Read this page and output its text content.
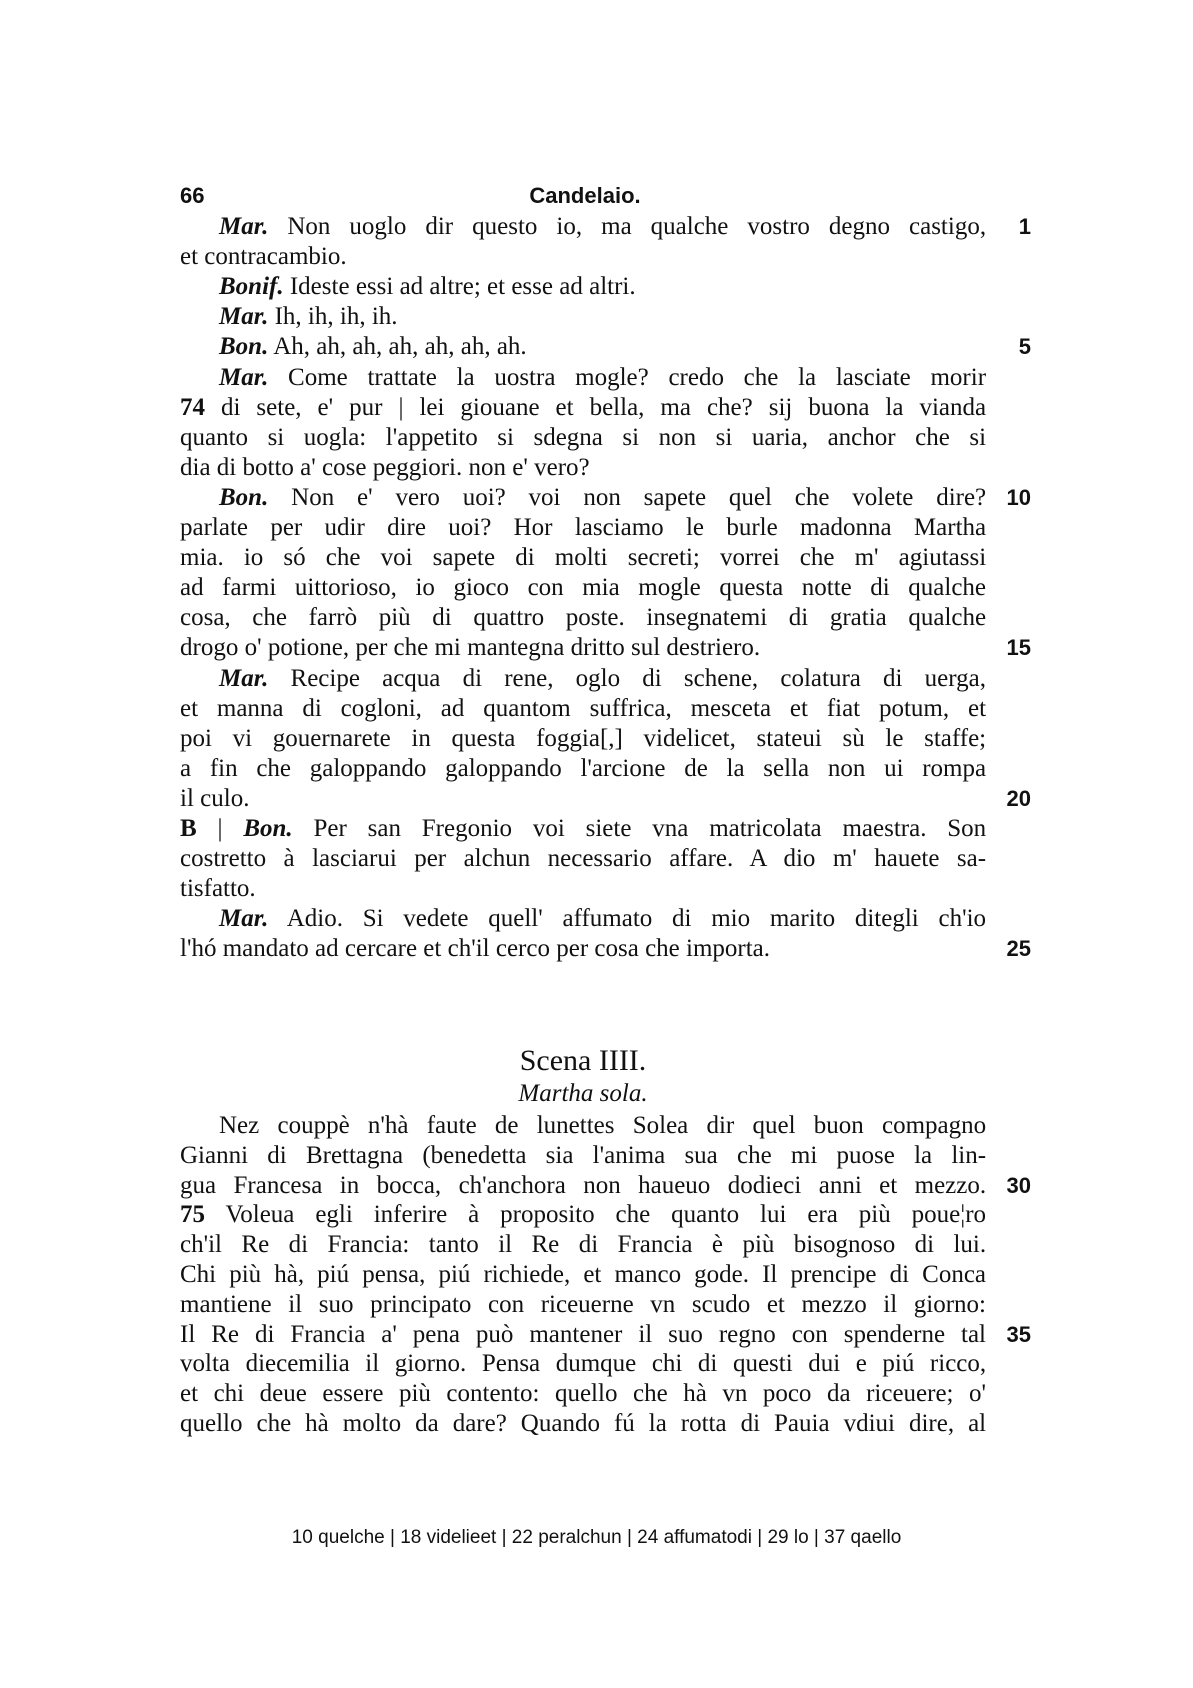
66	Candelaio.
Mar. Non uoglo dir questo io, ma qualche vostro degno castigo,
et contracambio.
Bonif. Ideste essi ad altre; et esse ad altri.
Mar. Ih, ih, ih, ih.
Bon. Ah, ah, ah, ah, ah, ah, ah.
Mar. Come trattate la uostra mogle? credo che la lasciate morir
74 di sete, e' pur | lei giouane et bella, ma che? sij buona la vianda
quanto si uogla: l'appetito si sdegna si non si uaria, anchor che si
dia di botto a' cose peggiori. non e' vero?
Bon. Non e' vero uoi? voi non sapete quel che volete dire?
parlate per udir dire uoi? Hor lasciamo le burle madonna Martha
mia. io só che voi sapete di molti secreti; vorrei che m' agiutassi
ad farmi uittorioso, io gioco con mia mogle questa notte di qualche
cosa, che farrò più di quattro poste. insegnatemi di gratia qualche
drogo o' potione, per che mi mantegna dritto sul destriero.
Mar. Recipe acqua di rene, oglo di schene, colatura di uerga,
et manna di cogloni, ad quantom suffrica, mesceta et fiat potum, et
poi vi gouernarete in questa foggia[,] videlicet, stateui sù le staffe;
a fin che galoppando galoppando l'arcione de la sella non ui rompa
il culo.
B | Bon. Per san Fregonio voi siete vna matricolata maestra. Son
costretto à lasciarui per alchun necessario affare. A dio m' hauete sa-
tisfatto.
Mar. Adio. Si vedete quell' affumato di mio marito ditegli ch'io
l'hó mandato ad cercare et ch'il cerco per cosa che importa.
Nez couppè n'hà faute de lunettes Solea dir quel buon compagno
Gianni di Brettagna (benedetta sia l'anima sua che mi puose la lin-
gua Francesa in bocca, ch'anchora non haueuo dodieci anni et mezzo.
75 Voleua egli inferire à proposito che quanto lui era più poue¦ro
ch'il Re di Francia: tanto il Re di Francia è più bisognoso di lui.
Chi più hà, piú pensa, piú richiede, et manco gode. Il prencipe di Conca
mantiene il suo principato con riceuerne vn scudo et mezzo il giorno:
Il Re di Francia a' pena può mantener il suo regno con spenderne tal
volta diecemilia il giorno. Pensa dumque chi di questi dui e piú ricco,
et chi deue essere più contento: quello che hà vn poco da riceuere; o'
quello che hà molto da dare? Quando fú la rotta di Pauia vdiui dire, al
Scena IIII.
Martha sola.
1
5
10
15
20
25
30
35
10 quelche | 18 videlieet | 22 peralchun | 24 affumatodi | 29 lo | 37 qaello
